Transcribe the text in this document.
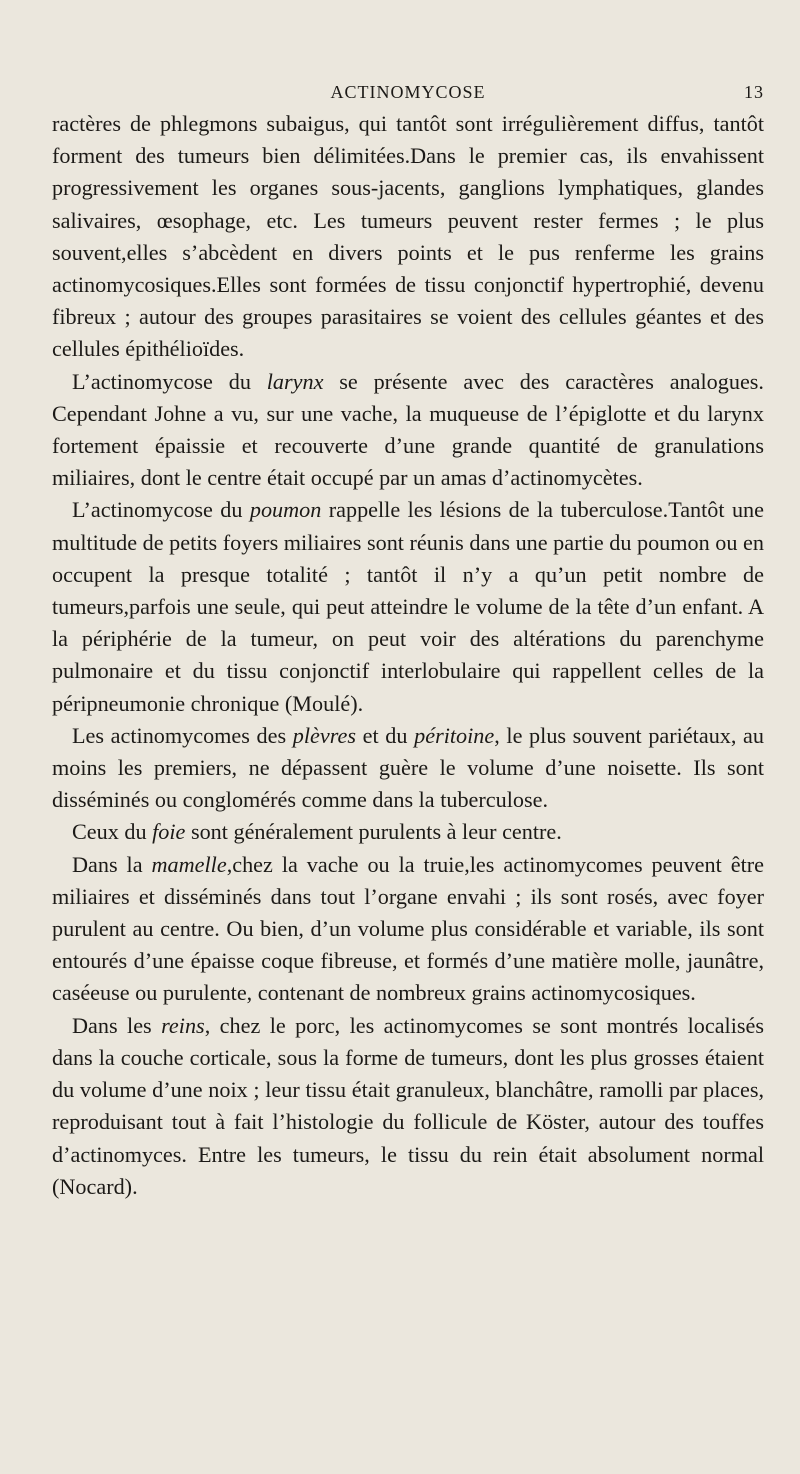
ACTINOMYCOSE	13

ractères de phlegmons subaigus, qui tantôt sont irrégulièrement diffus, tantôt forment des tumeurs bien délimitées.Dans le premier cas, ils envahissent progressivement les organes sous-jacents, ganglions lymphatiques, glandes salivaires, œsophage, etc. Les tumeurs peuvent rester fermes ; le plus souvent,elles s’abcèdent en divers points et le pus renferme les grains actinomycosiques.Elles sont formées de tissu conjonctif hypertrophié, devenu fibreux ; autour des groupes parasitaires se voient des cellules géantes et des cellules épithélioïdes.

L’actinomycose du larynx se présente avec des caractères analogues. Cependant Johne a vu, sur une vache, la muqueuse de l’épiglotte et du larynx fortement épaissie et recouverte d’une grande quantité de granulations miliaires, dont le centre était occupé par un amas d’actinomycètes.

L’actinomycose du poumon rappelle les lésions de la tuberculose.Tantôt une multitude de petits foyers miliaires sont réunis dans une partie du poumon ou en occupent la presque totalité ; tantôt il n’y a qu’un petit nombre de tumeurs,parfois une seule, qui peut atteindre le volume de la tête d’un enfant. A la périphérie de la tumeur, on peut voir des altérations du parenchyme pulmonaire et du tissu conjonctif interlobulaire qui rappellent celles de la péripneumonie chronique (Moulé).

Les actinomycomes des plèvres et du péritoine, le plus souvent pariétaux, au moins les premiers, ne dépassent guère le volume d’une noisette. Ils sont disséminés ou conglomérés comme dans la tuberculose.

Ceux du foie sont généralement purulents à leur centre.

Dans la mamelle,chez la vache ou la truie,les actinomycomes peuvent être miliaires et disséminés dans tout l’organe envahi ; ils sont rosés, avec foyer purulent au centre. Ou bien, d’un volume plus considérable et variable, ils sont entourés d’une épaisse coque fibreuse, et formés d’une matière molle, jaunâtre, caséeuse ou purulente, contenant de nombreux grains actinomycosiques.

Dans les reins, chez le porc, les actinomycomes se sont montrés localisés dans la couche corticale, sous la forme de tumeurs, dont les plus grosses étaient du volume d’une noix ; leur tissu était granuleux, blanchâtre, ramolli par places, reproduisant tout à fait l’histologie du follicule de Köster, autour des touffes d’actinomyces. Entre les tumeurs, le tissu du rein était absolument normal (Nocard).
